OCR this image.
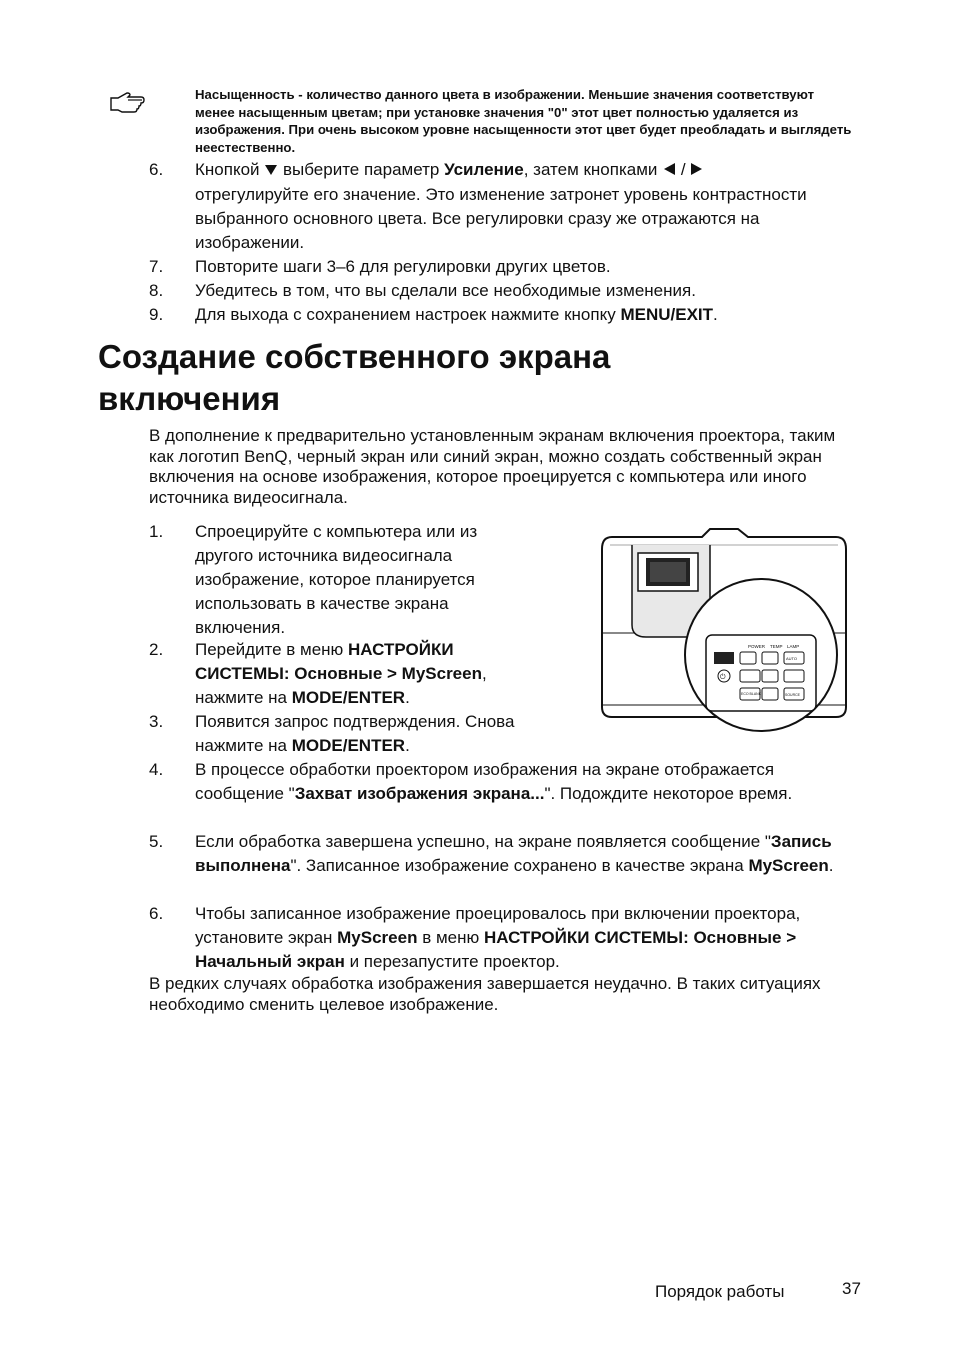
Насыщенность - количество данного цвета в изображении. Меньшие значения соответствуют менее насыщенным цветам; при установке значения "0" этот цвет полностью удаляется из изображения. При очень высоком уровне насыщенности этот цвет будет преобладать и выглядеть неестественно.
6. Кнопкой  выберите параметр Усиление, затем кнопками  /
отрегулируйте его значение. Это изменение затронет уровень контрастности выбранного основного цвета. Все регулировки сразу же отражаются на изображении.
7. Повторите шаги 3–6 для регулировки других цветов.
8. Убедитесь в том, что вы сделали все необходимые изменения.
9. Для выхода с сохранением настроек нажмите кнопку MENU/EXIT.
Создание собственного экрана
включения
В дополнение к предварительно установленным экранам включения проектора, таким как логотип BenQ, черный экран или синий экран, можно создать собственный экран включения на основе изображения, которое проецируется с компьютера или иного источника видеосигнала.
1. Спроецируйте с компьютера или из другого источника видеосигнала изображение, которое планируется использовать в качестве экрана включения.
2. Перейдите в меню НАСТРОЙКИ СИСТЕМЫ: Основные > MyScreen, нажмите на MODE/ENTER.
3. Появится запрос подтверждения. Снова нажмите на MODE/ENTER.
4. В процессе обработки проектором изображения на экране отображается сообщение "Захват изображения экрана...". Подождите некоторое время.
5. Если обработка завершена успешно, на экране появляется сообщение "Запись выполнена". Записанное изображение сохранено в качестве экрана MyScreen.
6. Чтобы записанное изображение проецировалось при включении проектора, установите экран MyScreen в меню НАСТРОЙКИ СИСТЕМЫ: Основные > Начальный экран и перезапустите проектор.
В редких случаях обработка изображения завершается неудачно. В таких ситуациях необходимо сменить целевое изображение.
POWER TEMP LAMP
AUTO
⏻
ECO BLANK	SOURCE
Порядок работы	37
